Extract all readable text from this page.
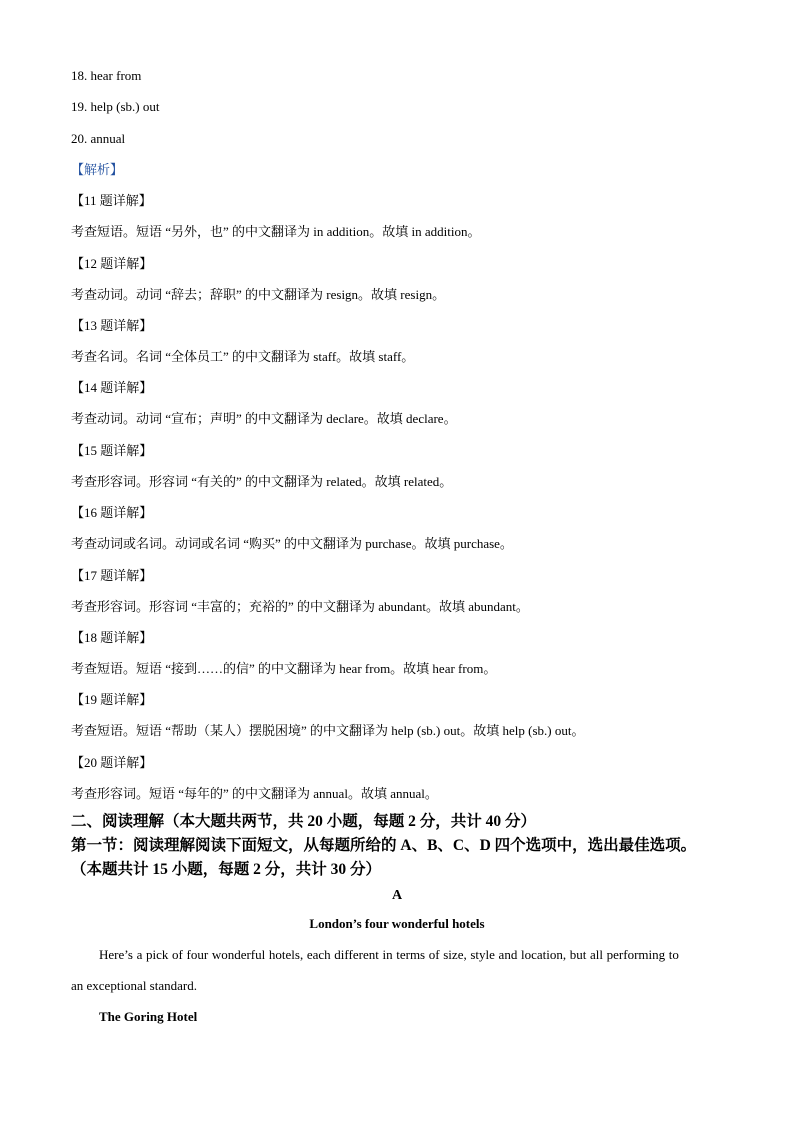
18. hear from
19. help (sb.) out
20. annual
【解析】
【11 题详解】
考查短语。短语 “另外，也” 的中文翻译为 in addition。故填 in addition。
【12 题详解】
考查动词。动词 “辞去；辞职” 的中文翻译为 resign。故填 resign。
【13 题详解】
考查名词。名词 “全体员工” 的中文翻译为 staff。故填 staff。
【14 题详解】
考查动词。动词 “宣布；声明” 的中文翻译为 declare。故填 declare。
【15 题详解】
考查形容词。形容词 “有关的” 的中文翻译为 related。故填 related。
【16 题详解】
考查动词或名词。动词或名词 “购买” 的中文翻译为 purchase。故填 purchase。
【17 题详解】
考查形容词。形容词 “丰富的；充裕的” 的中文翻译为 abundant。故填 abundant。
【18 题详解】
考查短语。短语 “接到……的信” 的中文翻译为 hear from。故填 hear from。
【19 题详解】
考查短语。短语 “帮助（某人）摆脱困境” 的中文翻译为 help (sb.) out。故填 help (sb.) out。
【20 题详解】
考查形容词。短语 “每年的” 的中文翻译为 annual。故填 annual。
二、阅读理解（本大题共两节，共 20 小题，每题 2 分，共计 40 分）
第一节：阅读理解阅读下面短文，从每题所给的 A、B、C、D 四个选项中，选出最佳选项。
（本题共计 15 小题，每题 2 分，共计 30 分）
A
London’s four wonderful hotels
Here’s a pick of four wonderful hotels, each different in terms of size, style and location, but all performing to
an exceptional standard.
The Goring Hotel
